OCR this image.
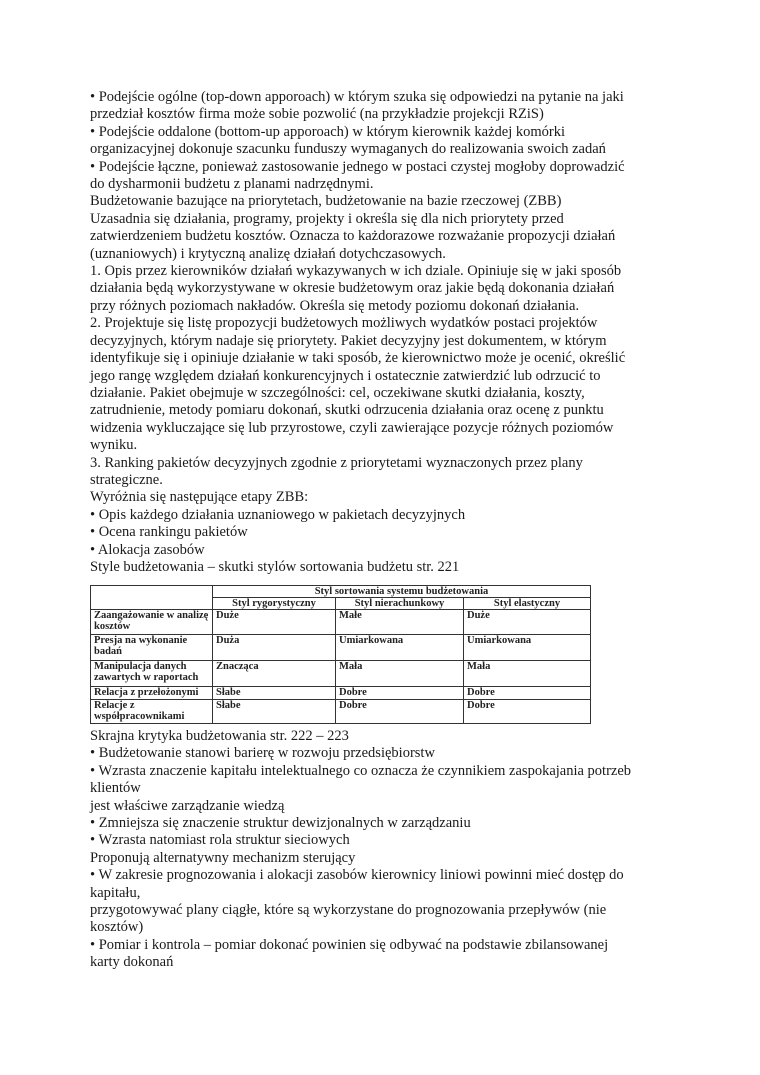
• Podejście ogólne (top-down apporoach) w którym szuka się odpowiedzi na pytanie na jaki
przedział kosztów firma może sobie pozwolić (na przykładzie projekcji RZiS)
• Podejście oddalone (bottom-up apporoach) w którym kierownik każdej komórki
organizacyjnej dokonuje szacunku funduszy wymaganych do realizowania swoich zadań
• Podejście łączne, ponieważ zastosowanie jednego w postaci czystej mogłoby doprowadzić
do dysharmonii budżetu z planami nadrzędnymi.
Budżetowanie bazujące na priorytetach, budżetowanie na bazie rzeczowej (ZBB)
Uzasadnia się działania, programy, projekty i określa się dla nich priorytety przed
zatwierdzeniem budżetu kosztów. Oznacza to każdorazowe rozważanie propozycji działań
(uznaniowych) i krytyczną analizę działań dotychczasowych.
1. Opis przez kierowników działań wykazywanych w ich dziale. Opiniuje się w jaki sposób
działania będą wykorzystywane w okresie budżetowym oraz jakie będą dokonania działań
przy różnych poziomach nakładów. Określa się metody poziomu dokonań działania.
2. Projektuje się listę propozycji budżetowych możliwych wydatków postaci projektów
decyzyjnych, którym nadaje się priorytety. Pakiet decyzyjny jest dokumentem, w którym
identyfikuje się i opiniuje działanie w taki sposób, że kierownictwo może je ocenić, określić
jego rangę względem działań konkurencyjnych i ostatecznie zatwierdzić lub odrzucić to
działanie. Pakiet obejmuje w szczególności: cel, oczekiwane skutki działania, koszty,
zatrudnienie, metody pomiaru dokonań, skutki odrzucenia działania oraz ocenę z punktu
widzenia wykluczające się lub przyrostowe, czyli zawierające pozycje różnych poziomów
wyniku.
3. Ranking pakietów decyzyjnych zgodnie z priorytetami wyznaczonych przez plany
strategiczne.
Wyróżnia się następujące etapy ZBB:
• Opis każdego działania uznaniowego w pakietach decyzyjnych
• Ocena rankingu pakietów
• Alokacja zasobów
Style budżetowania – skutki stylów sortowania budżetu str. 221
	Styl sortowania systemu budżetowania		
	Styl rygorystyczny	Styl nierachunkowy	Styl elastyczny
Zaangażowanie w analizę kosztów	Duże	Małe	Duże
Presja na wykonanie badań	Duża	Umiarkowana	Umiarkowana
Manipulacja danych zawartych w raportach	Znacząca	Mała	Mała
Relacja z przełożonymi	Słabe	Dobre	Dobre
Relacje z współpracownikami	Słabe	Dobre	Dobre
Skrajna krytyka budżetowania str. 222 – 223
• Budżetowanie stanowi barierę w rozwoju przedsiębiorstw
• Wzrasta znaczenie kapitału intelektualnego co oznacza że czynnikiem zaspokajania potrzeb
klientów
jest właściwe zarządzanie wiedzą
• Zmniejsza się znaczenie struktur dewizjonalnych w zarządzaniu
• Wzrasta natomiast rola struktur sieciowych
Proponują alternatywny mechanizm sterujący
• W zakresie prognozowania i alokacji zasobów kierownicy liniowi powinni mieć dostęp do
kapitału,
przygotowywać plany ciągłe, które są wykorzystane do prognozowania przepływów (nie
kosztów)
• Pomiar i kontrola – pomiar dokonać powinien się odbywać na podstawie zbilansowanej
karty dokonań
